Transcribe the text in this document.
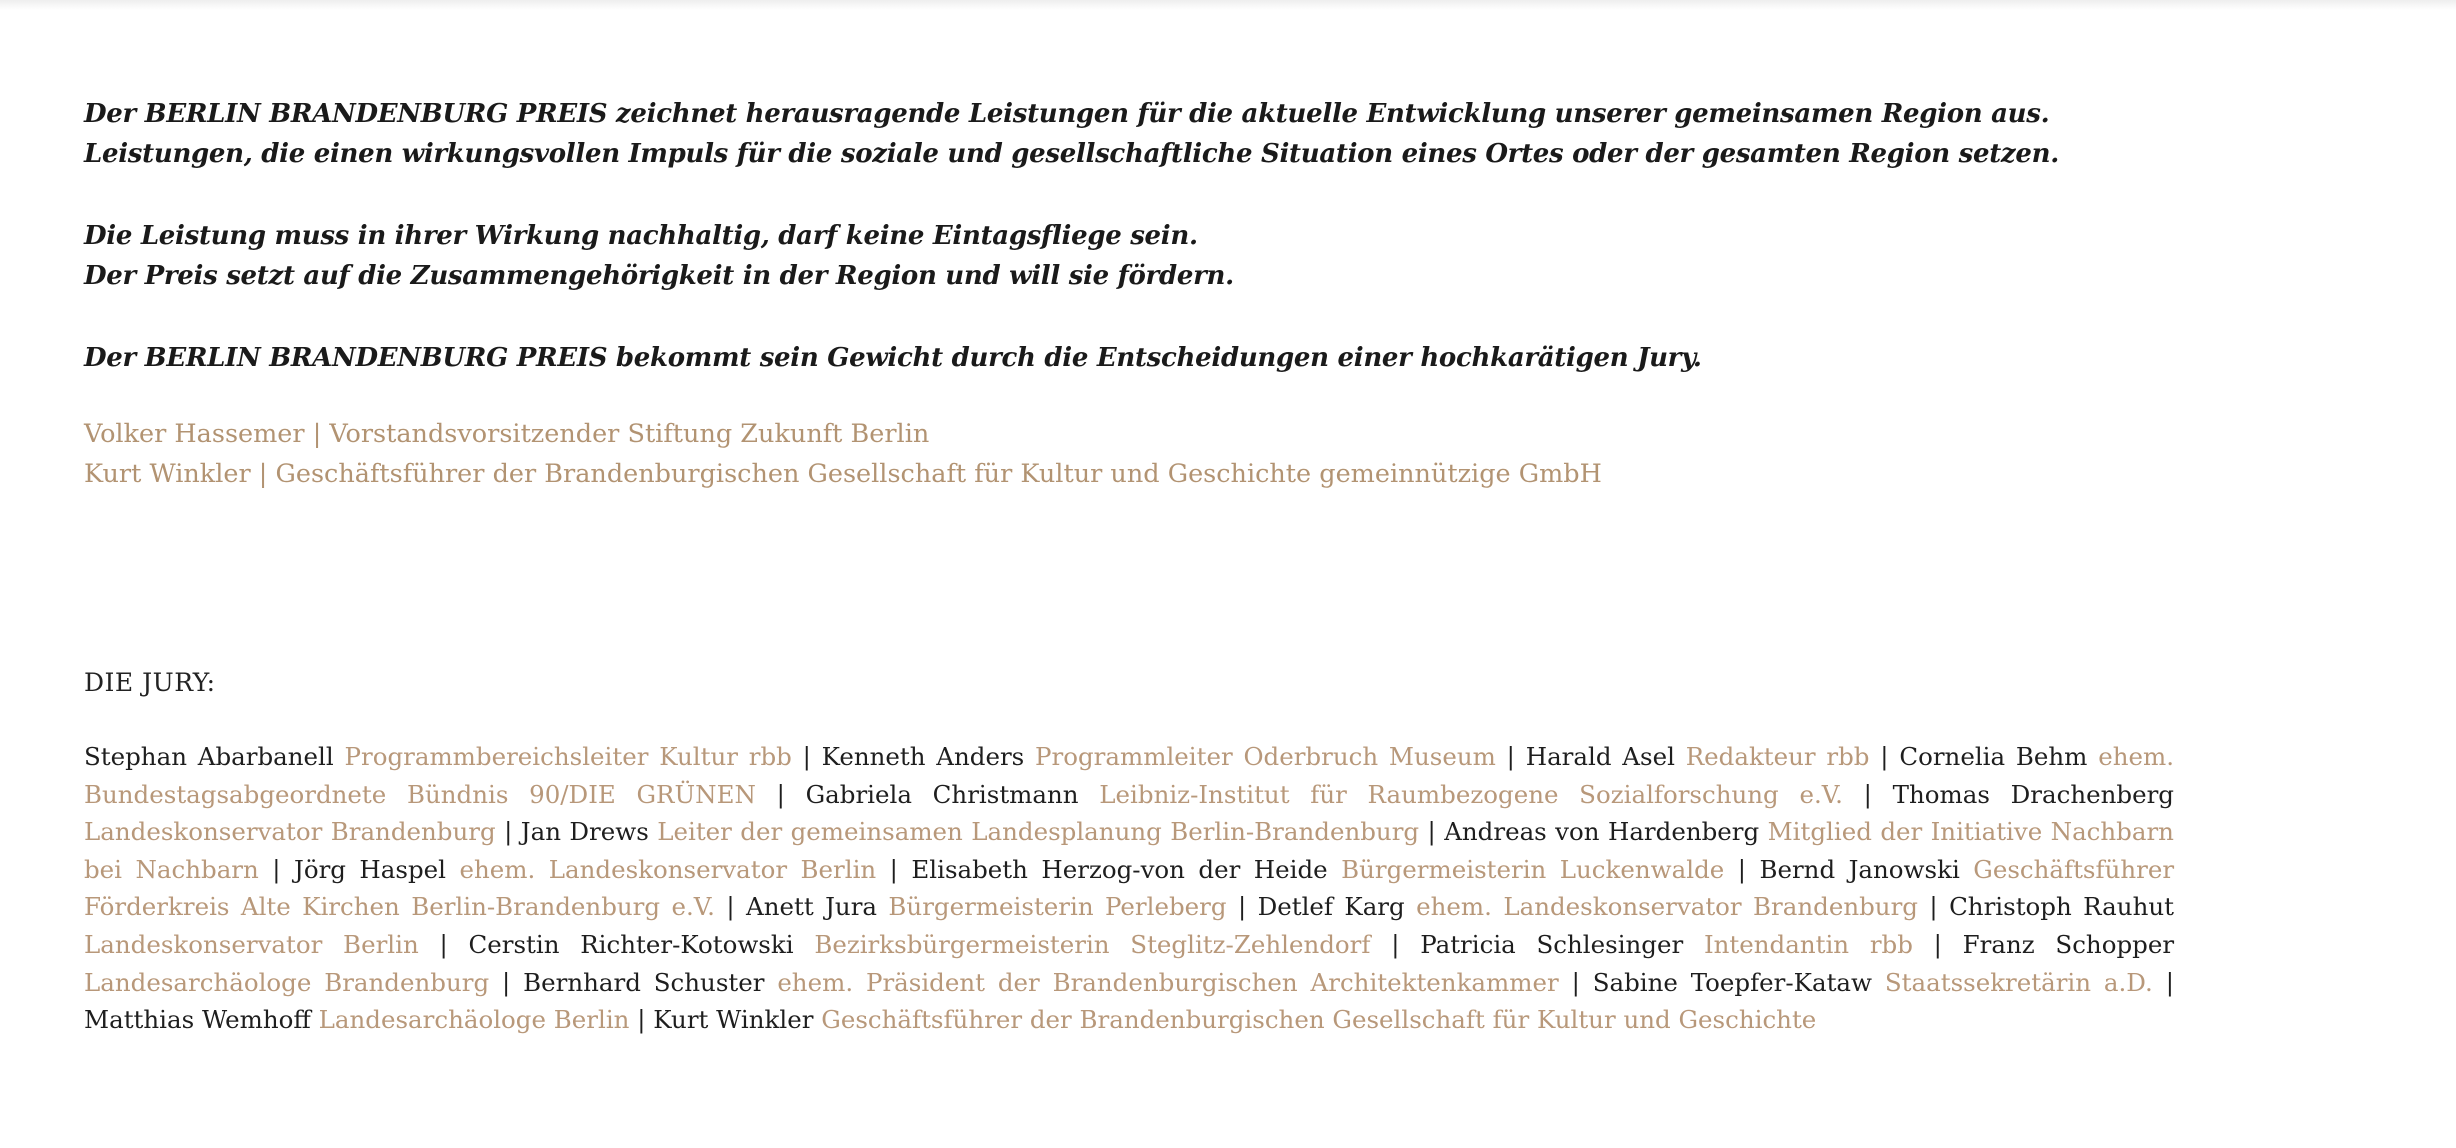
Der BERLIN BRANDENBURG PREIS zeichnet herausragende Leistungen für die aktuelle Entwicklung unserer gemeinsamen Region aus.
Leistungen, die einen wirkungsvollen Impuls für die soziale und gesellschaftliche Situation eines Ortes oder der gesamten Region setzen.

Die Leistung muss in ihrer Wirkung nachhaltig, darf keine Eintagsfliege sein.
Der Preis setzt auf die Zusammengehörigkeit in der Region und will sie fördern.

Der BERLIN BRANDENBURG PREIS bekommt sein Gewicht durch die Entscheidungen einer hochkarätigen Jury.

Volker Hassemer | Vorstandsvorsitzender Stiftung Zukunft Berlin
Kurt Winkler | Geschäftsführer der Brandenburgischen Gesellschaft für Kultur und Geschichte gemeinnützige GmbH
DIE JURY:
Stephan Abarbanell Programmbereichsleiter Kultur rbb | Kenneth Anders Programmleiter Oderbruch Museum | Harald Asel Redakteur rbb | Cornelia Behm ehem. Bundestagsabgeordnete Bündnis 90/DIE GRÜNEN | Gabriela Christmann Leibniz-Institut für Raumbezogene Sozialforschung e.V. | Thomas Drachenberg Landeskonservator Brandenburg | Jan Drews Leiter der gemeinsamen Landesplanung Berlin-Brandenburg | Andreas von Hardenberg Mitglied der Initiative Nachbarn bei Nachbarn | Jörg Haspel ehem. Landeskonservator Berlin | Elisabeth Herzog-von der Heide Bürgermeisterin Luckenwalde | Bernd Janowski Geschäftsführer Förderkreis Alte Kirchen Berlin-Brandenburg e.V. | Anett Jura Bürgermeisterin Perleberg | Detlef Karg ehem. Landeskonservator Brandenburg | Christoph Rauhut Landeskonservator Berlin | Cerstin Richter-Kotowski Bezirksbürgermeisterin Steglitz-Zehlendorf | Patricia Schlesinger Intendantin rbb | Franz Schopper Landesarchäologe Brandenburg | Bernhard Schuster ehem. Präsident der Brandenburgischen Architektenkammer | Sabine Toepfer-Kataw Staatssekretärin a.D. | Matthias Wemhoff Landesarchäologe Berlin | Kurt Winkler Geschäftsführer der Brandenburgischen Gesellschaft für Kultur und Geschichte
